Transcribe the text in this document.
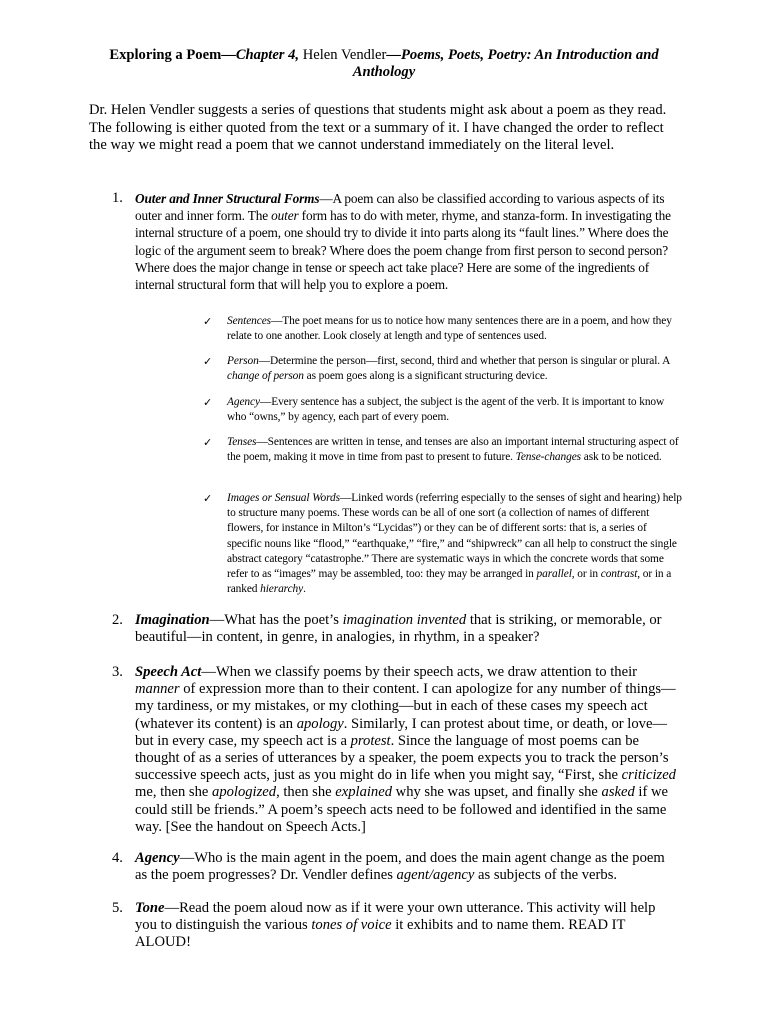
Exploring a Poem—Chapter 4, Helen Vendler—Poems, Poets, Poetry: An Introduction and
Anthology
Dr. Helen Vendler suggests a series of questions that students might ask about a poem as they read. The following is either quoted from the text or a summary of it. I have changed the order to reflect the way we might read a poem that we cannot understand immediately on the literal level.
1. Outer and Inner Structural Forms—A poem can also be classified according to various aspects of its outer and inner form. The outer form has to do with meter, rhyme, and stanza-form. In investigating the internal structure of a poem, one should try to divide it into parts along its “fault lines.” Where does the logic of the argument seem to break? Where does the poem change from first person to second person? Where does the major change in tense or speech act take place? Here are some of the ingredients of internal structural form that will help you to explore a poem.
✓ Sentences—The poet means for us to notice how many sentences there are in a poem, and how they relate to one another. Look closely at length and type of sentences used.
✓ Person—Determine the person—first, second, third and whether that person is singular or plural. A change of person as poem goes along is a significant structuring device.
✓ Agency—Every sentence has a subject, the subject is the agent of the verb. It is important to know who “owns,” by agency, each part of every poem.
✓ Tenses—Sentences are written in tense, and tenses are also an important internal structuring aspect of the poem, making it move in time from past to present to future. Tense-changes ask to be noticed.
✓ Images or Sensual Words—Linked words (referring especially to the senses of sight and hearing) help to structure many poems. These words can be all of one sort (a collection of names of different flowers, for instance in Milton’s “Lycidas”) or they can be of different sorts: that is, a series of specific nouns like “flood,” “earthquake,” “fire,” and “shipwreck” can all help to construct the single abstract category “catastrophe.” There are systematic ways in which the concrete words that some refer to as “images” may be assembled, too: they may be arranged in parallel, or in contrast, or in a ranked hierarchy.
2. Imagination—What has the poet’s imagination invented that is striking, or memorable, or beautiful—in content, in genre, in analogies, in rhythm, in a speaker?
3. Speech Act—When we classify poems by their speech acts, we draw attention to their manner of expression more than to their content. I can apologize for any number of things—my tardiness, or my mistakes, or my clothing—but in each of these cases my speech act (whatever its content) is an apology. Similarly, I can protest about time, or death, or love—but in every case, my speech act is a protest. Since the language of most poems can be thought of as a series of utterances by a speaker, the poem expects you to track the person’s successive speech acts, just as you might do in life when you might say, “First, she criticized me, then she apologized, then she explained why she was upset, and finally she asked if we could still be friends.” A poem’s speech acts need to be followed and identified in the same way. [See the handout on Speech Acts.]
4. Agency—Who is the main agent in the poem, and does the main agent change as the poem as the poem progresses? Dr. Vendler defines agent/agency as subjects of the verbs.
5. Tone—Read the poem aloud now as if it were your own utterance. This activity will help you to distinguish the various tones of voice it exhibits and to name them. READ IT ALOUD!
